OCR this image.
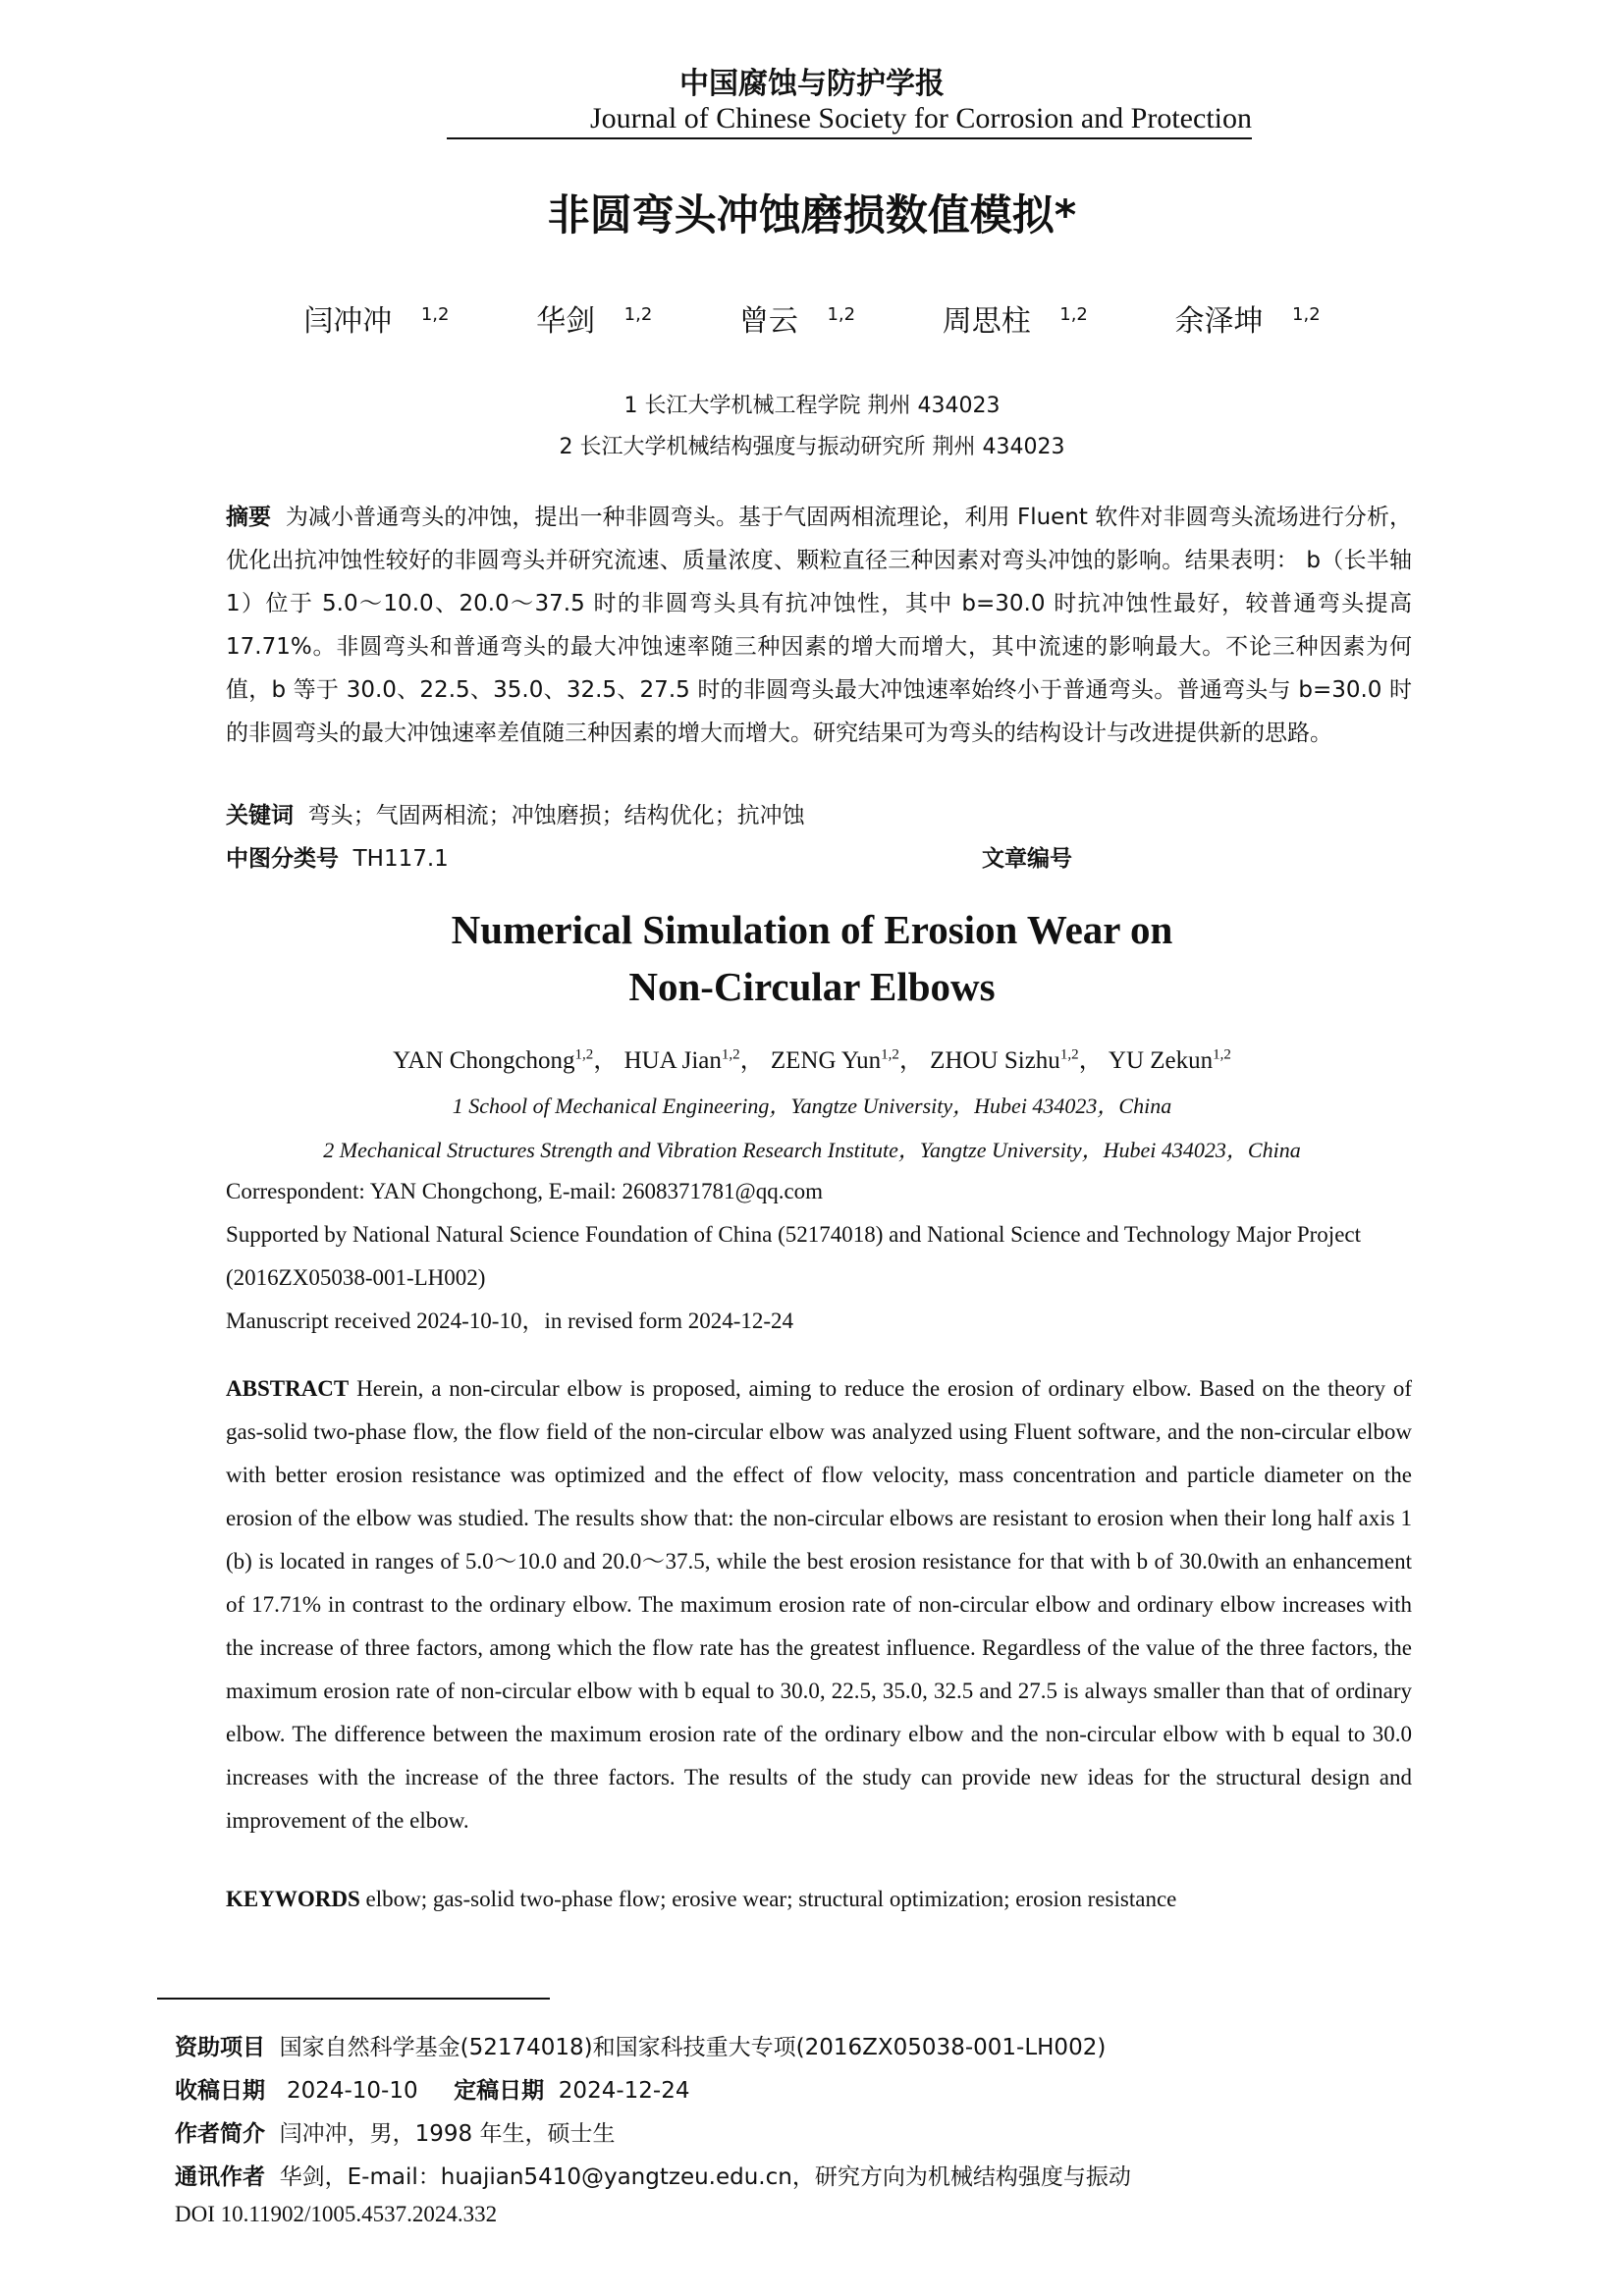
中国腐蚀与防护学报
Journal of Chinese Society for Corrosion and Protection
非圆弯头冲蚀磨损数值模拟*
闫冲冲 $^{1,2}$	华剑 $^{1,2}$	曾云 $^{1,2}$	周思柱 $^{1,2}$	余泽坤 $^{1,2}$
1 长江大学机械工程学院 荆州 434023
2 长江大学机械结构强度与振动研究所 荆州 434023
摘要 为减小普通弯头的冲蚀，提出一种非圆弯头。基于气固两相流理论，利用 Fluent 软件对非圆弯头流场进行分析，优化出抗冲蚀性较好的非圆弯头并研究流速、质量浓度、颗粒直径三种因素对弯头冲蚀的影响。结果表明： b（长半轴 1）位于 5.0～10.0、20.0～37.5 时的非圆弯头具有抗冲蚀性，其中 b=30.0 时抗冲蚀性最好，较普通弯头提高 17.71%。非圆弯头和普通弯头的最大冲蚀速率随三种因素的增大而增大，其中流速的影响最大。不论三种因素为何值，b 等于 30.0、22.5、35.0、32.5、27.5 时的非圆弯头最大冲蚀速率始终小于普通弯头。普通弯头与 b=30.0 时的非圆弯头的最大冲蚀速率差值随三种因素的增大而增大。研究结果可为弯头的结构设计与改进提供新的思路。
关键词 弯头；气固两相流；冲蚀磨损；结构优化；抗冲蚀
中图分类号 TH117.1	文章编号
Numerical Simulation of Erosion Wear on
Non-Circular Elbows
YAN Chongchong$^{1,2}$， HUA Jian$^{1,2}$， ZENG Yun$^{1,2}$， ZHOU Sizhu$^{1,2}$， YU Zekun$^{1,2}$
1 School of Mechanical Engineering，Yangtze University，Hubei 434023，China
2 Mechanical Structures Strength and Vibration Research Institute，Yangtze University，Hubei 434023，China
Correspondent: YAN Chongchong, E-mail: 2608371781@qq.com
Supported by National Natural Science Foundation of China (52174018) and National Science and Technology Major Project (2016ZX05038-001-LH002)
Manuscript received 2024-10-10，in revised form 2024-12-24
ABSTRACT Herein, a non-circular elbow is proposed, aiming to reduce the erosion of ordinary elbow. Based on the theory of gas-solid two-phase flow, the flow field of the non-circular elbow was analyzed using Fluent software, and the non-circular elbow with better erosion resistance was optimized and the effect of flow velocity, mass concentration and particle diameter on the erosion of the elbow was studied. The results show that: the non-circular elbows are resistant to erosion when their long half axis 1 (b) is located in ranges of 5.0～10.0 and 20.0～37.5, while the best erosion resistance for that with b of 30.0with an enhancement of 17.71% in contrast to the ordinary elbow. The maximum erosion rate of non-circular elbow and ordinary elbow increases with the increase of three factors, among which the flow rate has the greatest influence. Regardless of the value of the three factors, the maximum erosion rate of non-circular elbow with b equal to 30.0, 22.5, 35.0, 32.5 and 27.5 is always smaller than that of ordinary elbow. The difference between the maximum erosion rate of the ordinary elbow and the non-circular elbow with b equal to 30.0 increases with the increase of the three factors. The results of the study can provide new ideas for the structural design and improvement of the elbow.
KEYWORDS elbow; gas-solid two-phase flow; erosive wear; structural optimization; erosion resistance
资助项目 国家自然科学基金(52174018)和国家科技重大专项(2016ZX05038-001-LH002)
收稿日期 2024-10-10 定稿日期 2024-12-24
作者简介 闫冲冲，男，1998 年生，硕士生
通讯作者 华剑，E-mail：huajian5410@yangtzeu.edu.cn，研究方向为机械结构强度与振动
DOI 10.11902/1005.4537.2024.332
